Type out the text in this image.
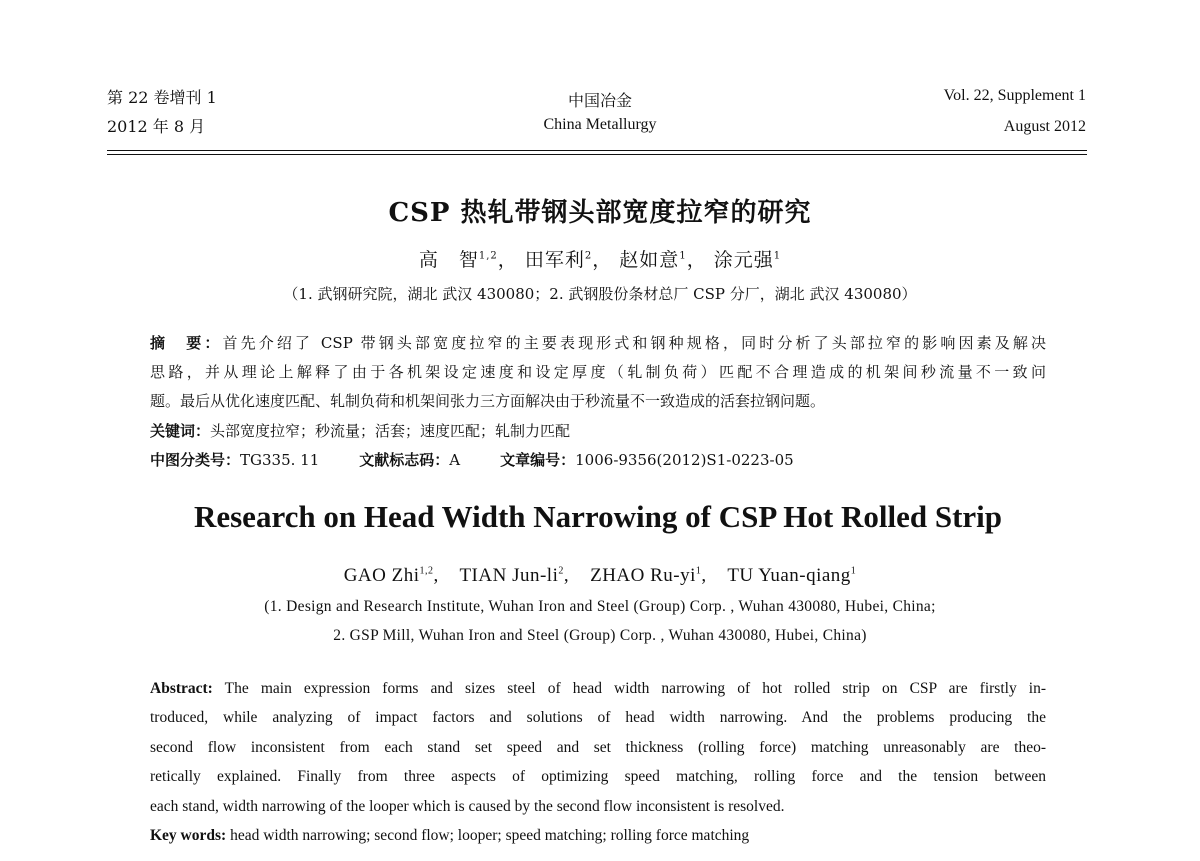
第 22 卷增刊 1
2012 年 8 月
中国冶金
China Metallurgy
Vol. 22, Supplement 1
August 2012
CSP 热轧带钢头部宽度拉窄的研究
高　智$^{1,2}$， 田军利$^2$， 赵如意$^1$， 涂元强$^1$
（1. 武钢研究院，湖北 武汉 430080；2. 武钢股份条材总厂 CSP 分厂，湖北 武汉 430080）
摘　要：首先介绍了 CSP 带钢头部宽度拉窄的主要表现形式和钢种规格，同时分析了头部拉窄的影响因素及解决
思路，并从理论上解释了由于各机架设定速度和设定厚度（轧制负荷）匹配不合理造成的机架间秒流量不一致问
题。最后从优化速度匹配、轧制负荷和机架间张力三方面解决由于秒流量不一致造成的活套拉钢问题。
关键词：头部宽度拉窄；秒流量；活套；速度匹配；轧制力匹配
中图分类号：TG335. 11	文献标志码：A	文章编号：1006-9356(2012)S1-0223-05
Research on Head Width Narrowing of CSP Hot Rolled Strip
GAO Zhi$^{1,2}$, TIAN Jun-$li^2$, ZHAO $Ru-yi^1$, TU Yuan-qiang$^1$
(1. Design and Research Institute, Wuhan Iron and Steel (Group) Corp. , Wuhan 430080, Hubei, China;
2. GSP Mill, Wuhan Iron and Steel (Group) Corp. , Wuhan 430080, Hubei, China)
Abstract: The main expression forms and sizes steel of head width narrowing of hot rolled strip on CSP are firstly in-
troduced, while analyzing of impact factors and solutions of head width narrowing. And the problems producing the
second flow inconsistent from each stand set speed and set thickness (rolling force) matching unreasonably are theo-
retically explained. Finally from three aspects of optimizing speed matching, rolling force and the tension between
each stand, width narrowing of the looper which is caused by the second flow inconsistent is resolved.
Key words: head width narrowing; second flow; looper; speed matching; rolling force matching
